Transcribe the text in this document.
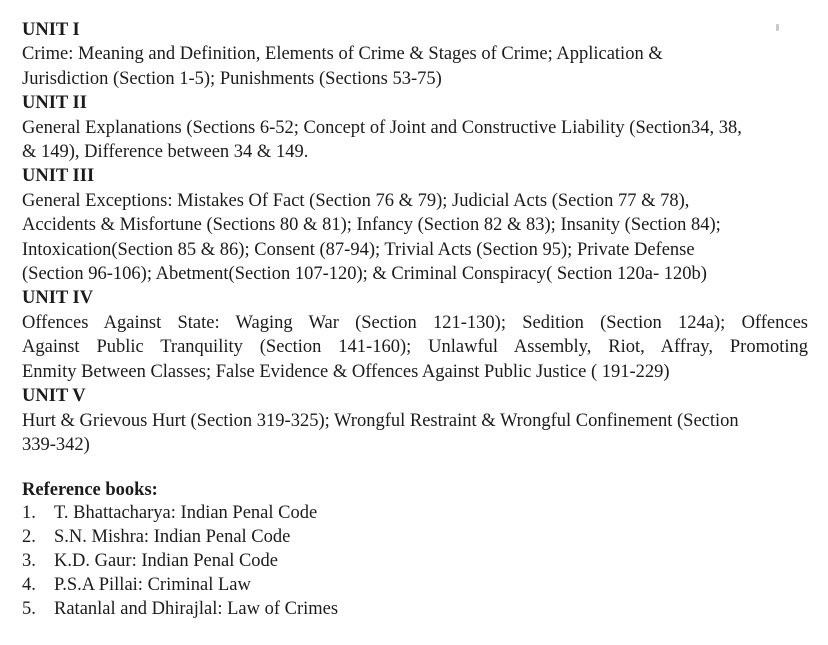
UNIT I
Crime: Meaning and Definition, Elements of Crime & Stages of Crime; Application &
Jurisdiction (Section 1-5); Punishments (Sections 53-75)
UNIT II
General Explanations (Sections 6-52; Concept of Joint and Constructive Liability (Section34, 38,
& 149), Difference between 34 & 149.
UNIT III
General Exceptions: Mistakes Of Fact (Section 76 & 79); Judicial Acts (Section 77 & 78),
Accidents & Misfortune (Sections 80 & 81); Infancy (Section 82 & 83); Insanity (Section 84);
Intoxication(Section 85 & 86); Consent (87-94); Trivial Acts (Section 95); Private Defense
(Section 96-106); Abetment(Section 107-120); & Criminal Conspiracy( Section 120a- 120b)
UNIT IV
Offences Against State: Waging War (Section 121-130); Sedition (Section 124a); Offences
Against Public Tranquility (Section 141-160); Unlawful Assembly, Riot, Affray, Promoting
Enmity Between Classes; False Evidence & Offences Against Public Justice ( 191-229)
UNIT V
Hurt & Grievous Hurt (Section 319-325); Wrongful Restraint & Wrongful Confinement (Section
339-342)
Reference books:
1. T. Bhattacharya: Indian Penal Code
2. S.N. Mishra: Indian Penal Code
3. K.D. Gaur: Indian Penal Code
4. P.S.A Pillai: Criminal Law
5. Ratanlal and Dhirajlal: Law of Crimes
